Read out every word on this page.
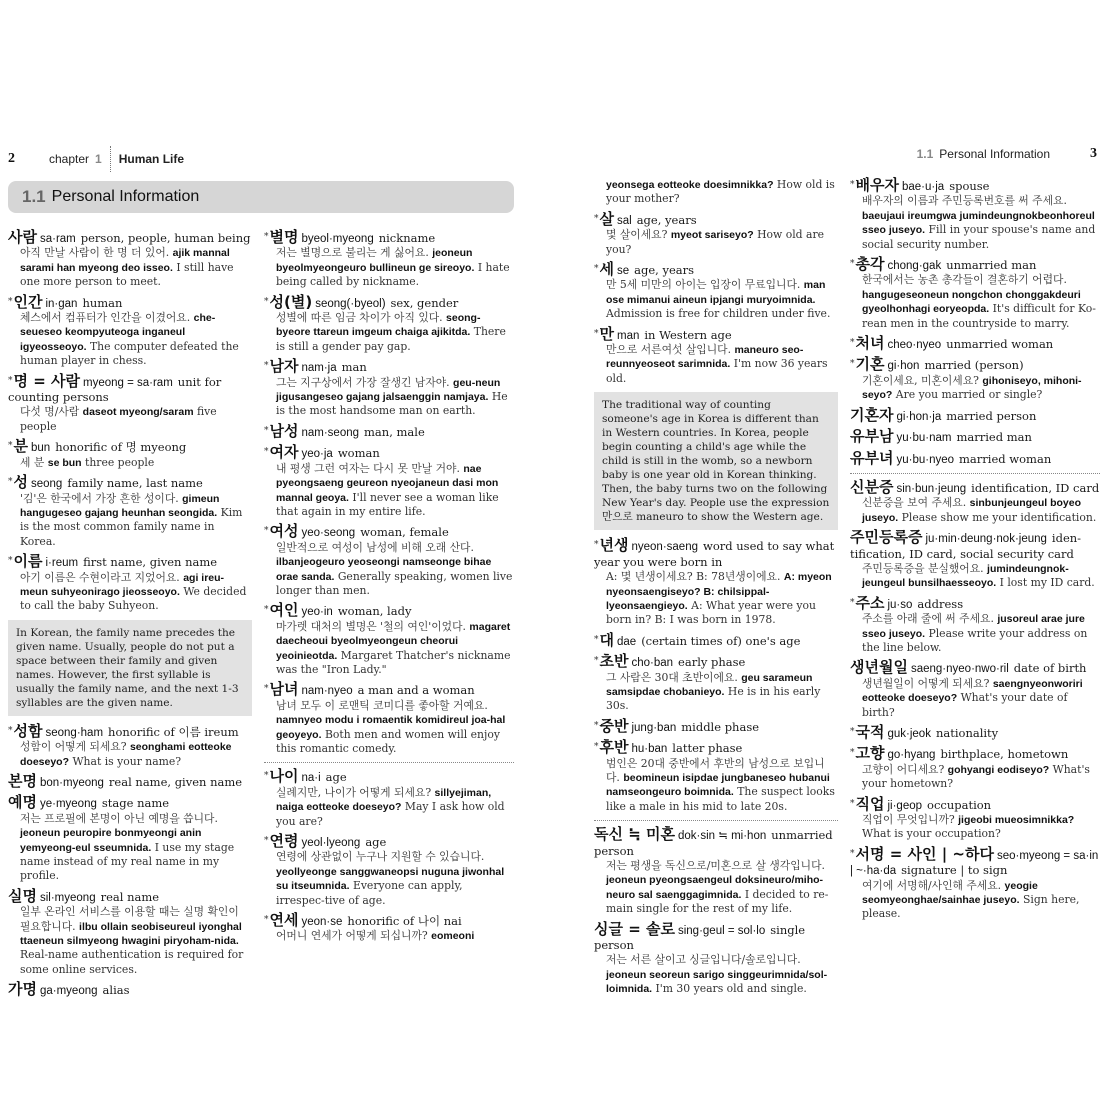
2	chapter 1 Human Life	1.1 Personal Information	3
1.1 Personal Information
사람 sa·ram person, people, human being
아직 만날 사람이 한 명 더 있어. ajik mannal sarami han myeong deo isseo. I still have one more person to meet.
*인간 in·gan human
체스에서 컴퓨터가 인간을 이겼어요. che-seueseo keompyuteoga inganeul igyeosseoyo. The computer defeated the human player in chess.
*명 = 사람 myeong = sa·ram unit for counting persons
다섯 명/사람 daseot myeong/saram five people
*분 bun honorific of 명 myeong
세 분 se bun three people
*성 seong family name, last name
'김'은 한국에서 가장 흔한 성이다. gimeun hangugeseo gajang heunhan seongida. Kim is the most common family name in Korea.
*이름 i·reum first name, given name
아기 이름은 수현이라고 지었어요. agi ireu-meun suhyeonirago jieosseoyo. We decided to call the baby Suhyeon.
In Korean, the family name precedes the given name. Usually, people do not put a space between their family and given names. However, the first syllable is usually the family name, and the next 1-3 syllables are the given name.
*성함 seong·ham honorific of 이름 ireum
성함이 어떻게 되세요? seonghami eotteoke doeseyo? What is your name?
본명 bon·myeong real name, given name
예명 ye·myeong stage name
저는 프로필에 본명이 아닌 예명을 씁니다. jeoneun peuropire bonmyeongi anin yemyeong-eul sseumnida. I use my stage name instead of my real name in my profile.
실명 sil·myeong real name
일부 온라인 서비스를 이용할 때는 실명 확인이 필요합니다. ilbu ollain seobiseureul iyonghal ttaeneun silmyeong hwagini piryoham-nida. Real-name authentication is required for some online services.
가명 ga·myeong alias
*별명 byeol·myeong nickname
저는 별명으로 불리는 게 싫어요. jeoneun byeolmyeongeuro bullineun ge sireoyo. I hate being called by nickname.
*성(별) seong(·byeol) sex, gender
성별에 따른 임금 차이가 아직 있다. seong-byeore ttareun imgeum chaiga ajikitda. There is still a gender pay gap.
*남자 nam·ja man
그는 지구상에서 가장 잘생긴 남자야. geu-neun jigusangeseo gajang jalsaenggin namjaya. He is the most handsome man on earth.
*남성 nam·seong man, male
*여자 yeo·ja woman
내 평생 그런 여자는 다시 못 만날 거야. nae pyeongsaeng geureon nyeojaneun dasi mon mannal geoya. I'll never see a woman like that again in my entire life.
*여성 yeo·seong woman, female
일반적으로 여성이 남성에 비해 오래 산다. ilbanjeogeuro yeoseongi namseonge bihae orae sanda. Generally speaking, women live longer than men.
*여인 yeo·in woman, lady
마가렛 대처의 별명은 '철의 여인'이었다. magaret daecheoui byeolmyeongeun cheorui yeoinieotda. Margaret Thatcher's nickname was the "Iron Lady."
*남녀 nam·nyeo a man and a woman
남녀 모두 이 로맨틱 코미디를 좋아할 거예요. namnyeo modu i romaentik komidireul joa-hal geoyeyo. Both men and women will enjoy this romantic comedy.
*나이 na·i age
실례지만, 나이가 어떻게 되세요? sillyejiman, naiga eotteoke doeseyo? May I ask how old you are?
*연령 yeol·lyeong age
연령에 상관없이 누구나 지원할 수 있습니다. yeollyeonge sanggwaneopsi nuguna jiwonhal su itseumnida. Everyone can apply, irrespec-tive of age.
*연세 yeon·se honorific of 나이 nai
어머니 연세가 어떻게 되십니까? eomeoni
yeonsega eotteoke doesimnikka? How old is your mother?
*살 sal age, years
몇 살이세요? myeot sariseyo? How old are you?
*세 se age, years
만 5세 미만의 아이는 입장이 무료입니다. man ose mimanui aineun ipjangi muryoimnida. Admission is free for children under five.
*만 man in Western age
만으로 서른여섯 살입니다. maneuro seo-reunnyeoseot sarimnida. I'm now 36 years old.
The traditional way of counting someone's age in Korea is different than in Western countries. In Korea, people begin counting a child's age while the child is still in the womb, so a newborn baby is one year old in Korean thinking. Then, the baby turns two on the following New Year's day. People use the expression 만으로 maneuro to show the Western age.
*년생 nyeon·saeng word used to say what year you were born in
A: 몇 년생이세요? B: 78년생이에요. A: myeon nyeonsaengiseyo? B: chilsippal-lyeonsaengieyo. A: What year were you born in? B: I was born in 1978.
*대 dae (certain times of) one's age
*초반 cho·ban early phase
그 사람은 30대 초반이에요. geu sarameun samsipdae chobanieyo. He is in his early 30s.
*중반 jung·ban middle phase
*후반 hu·ban latter phase
범인은 20대 중반에서 후반의 남성으로 보입니다. beomineun isipdae jungbaneseo hubanui namseongeuro boimnida. The suspect looks like a male in his mid to late 20s.
독신 ≒ 미혼 dok·sin ≒ mi·hon unmarried person
저는 평생을 독신으로/미혼으로 살 생각입니다. jeoneun pyeongsaengeul doksineuro/miho-neuro sal saenggagimnida. I decided to re-main single for the rest of my life.
싱글 = 솔로 sing·geul = sol·lo single person
저는 서른 살이고 싱글입니다/솔로입니다. jeoneun seoreun sarigo singgeurimnida/sol-loimnida. I'm 30 years old and single.
*배우자 bae·u·ja spouse
배우자의 이름과 주민등록번호를 써 주세요. baeujaui ireumgwa jumindeungnokbeonhoreul sseo juseyo. Fill in your spouse's name and social security number.
*총각 chong·gak unmarried man
한국에서는 농촌 총각들이 결혼하기 어렵다. hangugeseoneun nongchon chonggakdeuri gyeolhonhagi eoryeopda. It's difficult for Ko-rean men in the countryside to marry.
*처녀 cheo·nyeo unmarried woman
*기혼 gi·hon married (person)
기혼이세요, 미혼이세요? gihoniseyo, mihoni-seyo? Are you married or single?
기혼자 gi·hon·ja married person
유부남 yu·bu·nam married man
유부녀 yu·bu·nyeo married woman
신분증 sin·bun·jeung identification, ID card
신분증을 보여 주세요. sinbunjeungeul boyeo juseyo. Please show me your identification.
주민등록증 ju·min·deung·nok·jeung iden-tification, ID card, social security card
주민등록증을 분실했어요. jumindeungnok-jeungeul bunsilhaesseoyo. I lost my ID card.
*주소 ju·so address
주소를 아래 줄에 써 주세요. jusoreul arae jure sseo juseyo. Please write your address on the line below.
생년월일 saeng·nyeo·nwo·ril date of birth
생년월일이 어떻게 되세요? saengnyeonworiri eotteoke doeseyo? What's your date of birth?
*국적 guk·jeok nationality
*고향 go·hyang birthplace, hometown
고향이 어디세요? gohyangi eodiseyo? What's your hometown?
*직업 ji·geop occupation
직업이 무엇입니까? jigeobi mueosimnikka? What is your occupation?
*서명 = 사인 | ~하다 seo·myeong = sa·in | ~·ha·da signature | to sign
여기에 서명해/사인해 주세요. yeogie seomyeonghae/sainhae juseyo. Sign here, please.
